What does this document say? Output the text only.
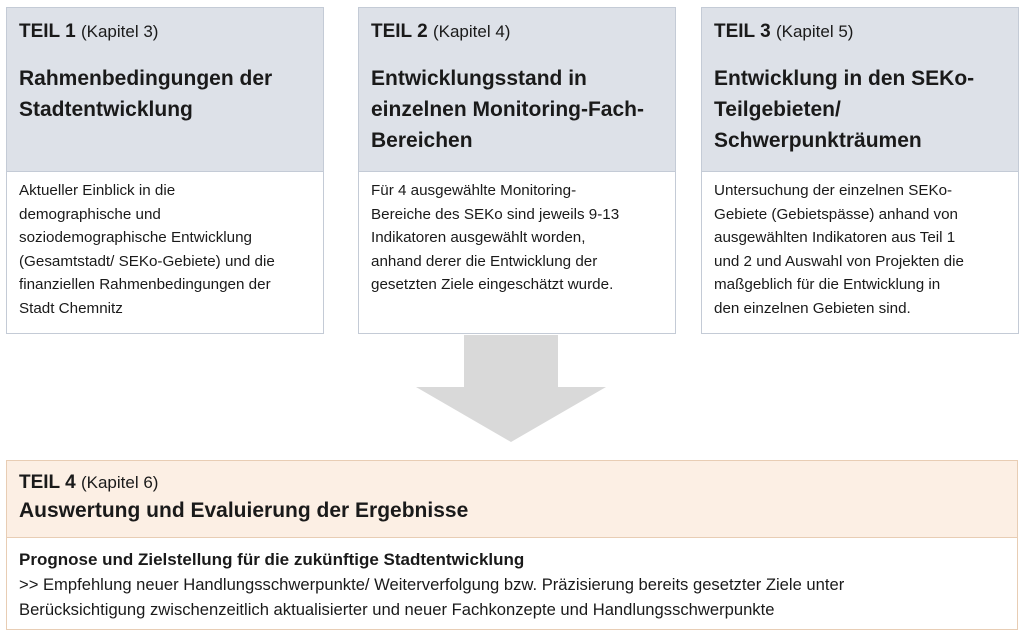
TEIL 1 (Kapitel 3)
Rahmenbedingungen der
Stadtentwicklung
Aktueller Einblick in die
demographische und
soziodemographische Entwicklung
(Gesamtstadt/ SEKo-Gebiete) und die
finanziellen Rahmenbedingungen der
Stadt Chemnitz
TEIL 2 (Kapitel 4)
Entwicklungsstand in
einzelnen Monitoring-Fach-
Bereichen
Für 4 ausgewählte Monitoring-
Bereiche des SEKo sind jeweils 9-13
Indikatoren ausgewählt worden,
anhand derer die Entwicklung der
gesetzten Ziele eingeschätzt wurde.
TEIL 3 (Kapitel 5)
Entwicklung in den SEKo-
Teilgebieten/
Schwerpunkträumen
Untersuchung der einzelnen SEKo-
Gebiete (Gebietspässe) anhand von
ausgewählten Indikatoren aus Teil 1
und 2 und Auswahl von Projekten die
maßgeblich für die Entwicklung in
den einzelnen Gebieten sind.
TEIL 4 (Kapitel 6)
Auswertung und Evaluierung der Ergebnisse
Prognose und Zielstellung für die zukünftige Stadtentwicklung
>> Empfehlung neuer Handlungsschwerpunkte/ Weiterverfolgung bzw. Präzisierung bereits gesetzter Ziele unter
Berücksichtigung zwischenzeitlich aktualisierter und neuer Fachkonzepte und Handlungsschwerpunkte
